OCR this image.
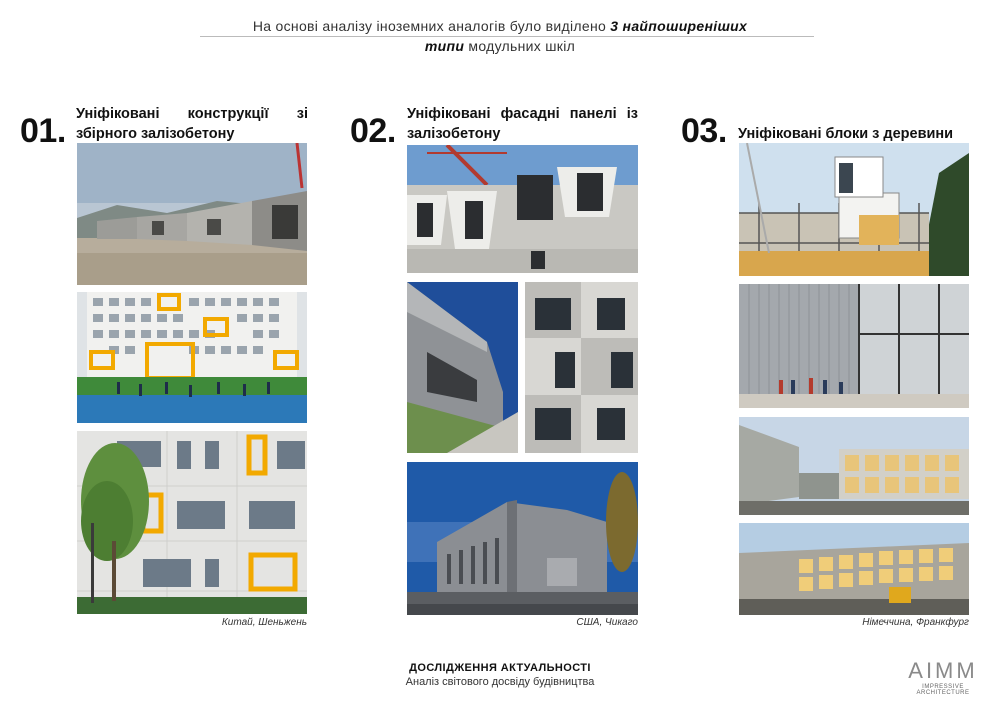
На основі аналізу іноземних аналогів було виділено 3 найпоширеніших
типи модульних шкіл
01. Уніфіковані конструкції зі збірного залізобетону
Китай, Шеньжень
02. Уніфіковані фасадні панелі із залізобетону
США, Чикаго
03. Уніфіковані блоки з деревини
Німеччина, Франкфург
ДОСЛІДЖЕННЯ АКТУАЛЬНОСТІ
Аналіз світового досвіду будівництва	AIMM
IMPRESSIVE ARCHITECTURE
